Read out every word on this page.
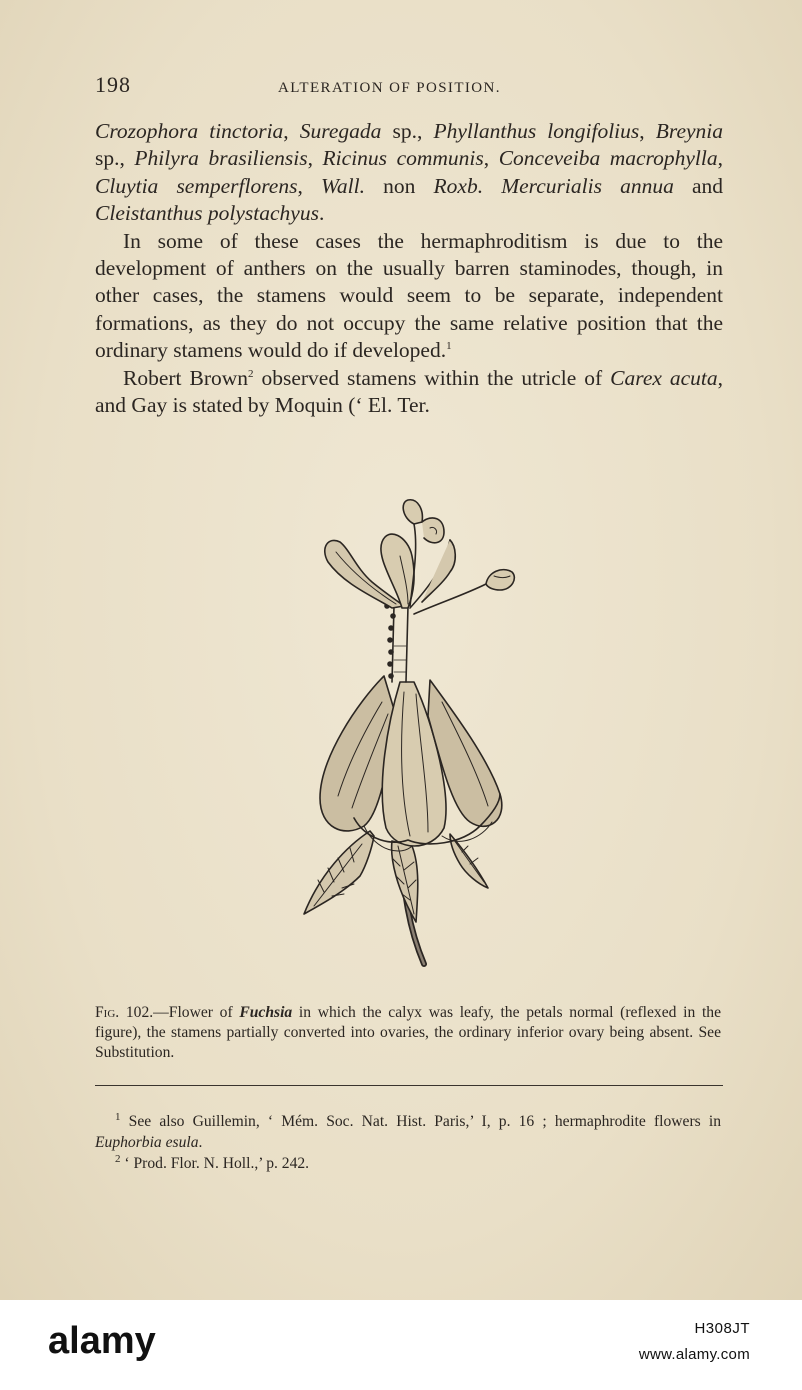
198	ALTERATION OF POSITION.

Crozophora tinctoria, Suregada sp., Phyllanthus longifolius, Breynia sp., Philyra brasiliensis, Ricinus communis, Conceveiba macrophylla, Cluytia semperflorens, Wall. non Roxb. Mercurialis annua and Cleistanthus polystachyus.

In some of these cases the hermaphroditism is due to the development of anthers on the usually barren staminodes, though, in other cases, the stamens would seem to be separate, independent formations, as they do not occupy the same relative position that the ordinary stamens would do if developed.$^1$

Robert Brown$^2$ observed stamens within the utricle of Carex acuta, and Gay is stated by Moquin (‘ El. Ter.

Fig. 102.—Flower of Fuchsia in which the calyx was leafy, the petals normal (reflexed in the figure), the stamens partially converted into ovaries, the ordinary inferior ovary being absent. See Substitution.

$^1$ See also Guillemin, ‘ Mém. Soc. Nat. Hist. Paris,’ I, p. 16 ; hermaphrodite flowers in Euphorbia esula.

$^2$ ‘ Prod. Flor. N. Holl.,’ p. 242.

alamy	H308JT
www.alamy.com
